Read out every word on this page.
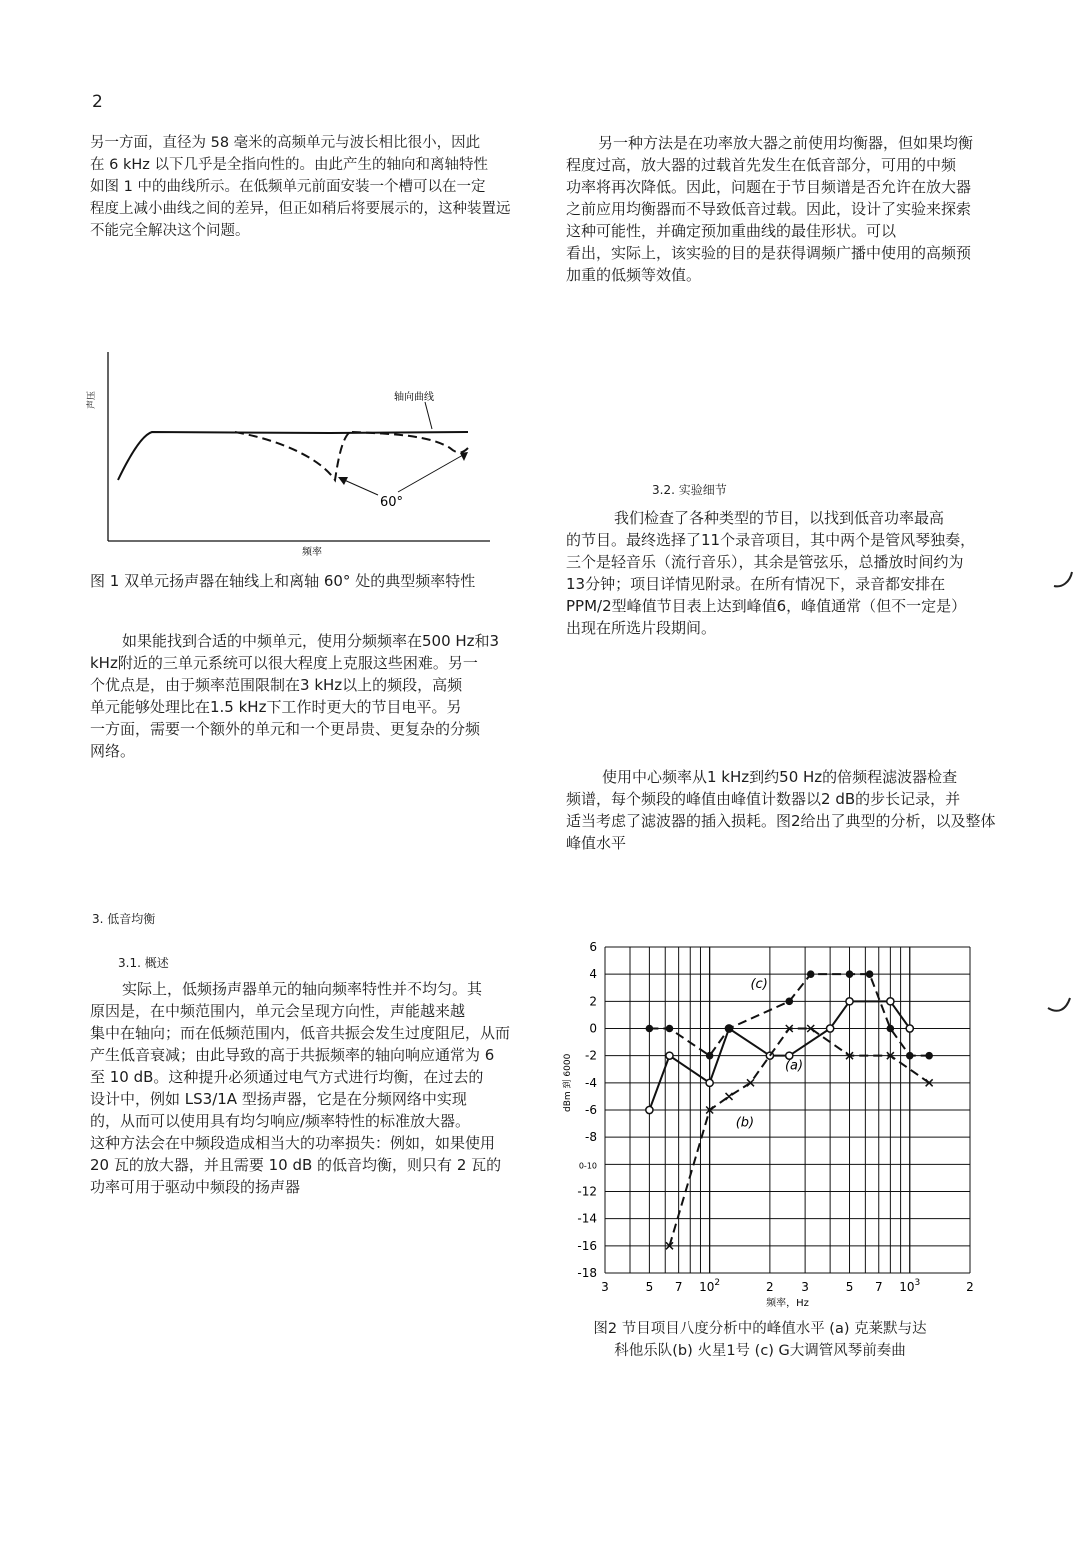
2
另一方面，直径为 58 毫米的高频单元与波长相比很小，因此
在 6 kHz 以下几乎是全指向性的。由此产生的轴向和离轴特性
如图 1 中的曲线所示。在低频单元前面安装一个槽可以在一定
程度上减小曲线之间的差异，但正如稍后将要展示的，这种装置远
不能完全解决这个问题。
声压
频率
轴向曲线
60°
图 1 双单元扬声器在轴线上和离轴 60° 处的典型频率特性
如果能找到合适的中频单元，使用分频频率在500 Hz和3
kHz附近的三单元系统可以很大程度上克服这些困难。另一
个优点是，由于频率范围限制在3 kHz以上的频段，高频
单元能够处理比在1.5 kHz下工作时更大的节目电平。另
一方面，需要一个额外的单元和一个更昂贵、更复杂的分频
网络。
3. 低音均衡
3.1. 概述
实际上，低频扬声器单元的轴向频率特性并不均匀。其
原因是，在中频范围内，单元会呈现方向性，声能越来越
集中在轴向；而在低频范围内，低音共振会发生过度阻尼，从而
产生低音衰减；由此导致的高于共振频率的轴向响应通常为 6
至 10 dB。这种提升必须通过电气方式进行均衡，在过去的
设计中，例如 LS3/1A 型扬声器，它是在分频网络中实现
的，从而可以使用具有均匀响应/频率特性的标准放大器。
这种方法会在中频段造成相当大的功率损失：例如，如果使用
20 瓦的放大器，并且需要 10 dB 的低音均衡，则只有 2 瓦的
功率可用于驱动中频段的扬声器
另一种方法是在功率放大器之前使用均衡器，但如果均衡
程度过高，放大器的过载首先发生在低音部分，可用的中频
功率将再次降低。因此，问题在于节目频谱是否允许在放大器
之前应用均衡器而不导致低音过载。因此，设计了实验来探索
这种可能性，并确定预加重曲线的最佳形状。可以
看出，实际上，该实验的目的是获得调频广播中使用的高频预
加重的低频等效值。
3.2. 实验细节
我们检查了各种类型的节目，以找到低音功率最高
的节目。最终选择了11个录音项目，其中两个是管风琴独奏，
三个是轻音乐（流行音乐），其余是管弦乐，总播放时间约为
13分钟；项目详情见附录。在所有情况下，录音都安排在
PPM/2型峰值节目表上达到峰值6，峰值通常（但不一定是）
出现在所选片段期间。
使用中心频率从1 kHz到约50 Hz的倍频程滤波器检查
频谱，每个频段的峰值由峰值计数器以2 dB的步长记录，并
适当考虑了滤波器的插入损耗。图2给出了典型的分析，以及整体
峰值水平
6
4
2
0
-2
-4
-6
-8
0-10
-12
-14
-16
-18
3	5 7 $10^2$	2 3	5 7 $10^3$	2
频率，Hz
dBm 到 6000	(a)
(b)
(c)
图2 节目项目八度分析中的峰值水平 (a) 克莱默与达科他乐队(b) 火星1号 (c) G大调管风琴前奏曲
